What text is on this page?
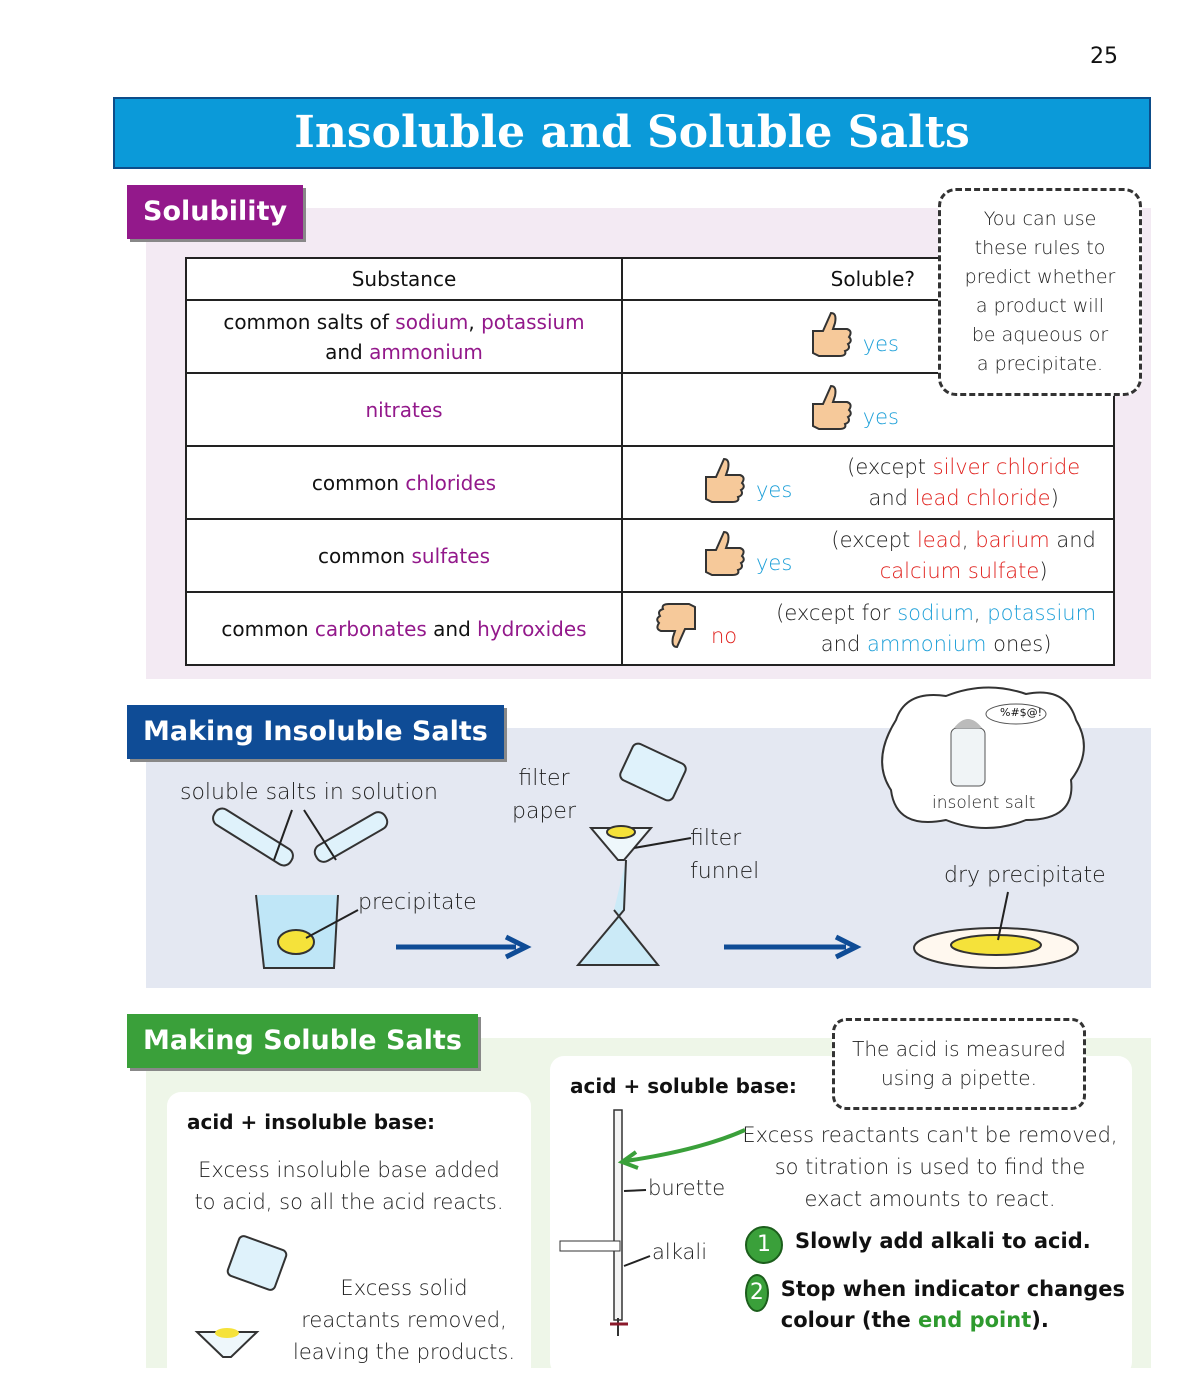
25
Insoluble and Soluble Salts
Solubility
Substance	Soluble?
common salts of sodium, potassium
and ammonium	yes

nitrates	yes

common chlorides	yes
(except silver chloride
and lead chloride)

common sulfates	yes
(except lead, barium and
calcium sulfate)

common carbonates and hydroxides	no
(except for sodium, potassium
and ammonium ones)
You can use
these rules to
predict whether
a product will
be aqueous or
a precipitate.
Making Insoluble Salts
soluble salts in solution
precipitate
filter
paper
filter
funnel	dry precipitate
%#$@!
insolent salt
Making Soluble Salts
acid + insoluble base:
Excess insoluble base added
to acid, so all the acid reacts.
Excess solid
reactants removed,
leaving the products.
acid + soluble base:
Excess reactants can't be removed,
so titration is used to find the
exact amounts to react.
burette
alkali	1	Slowly add alkali to acid.
2 Stop when indicator changes
colour (the end point).
The acid is measured
using a pipette.
